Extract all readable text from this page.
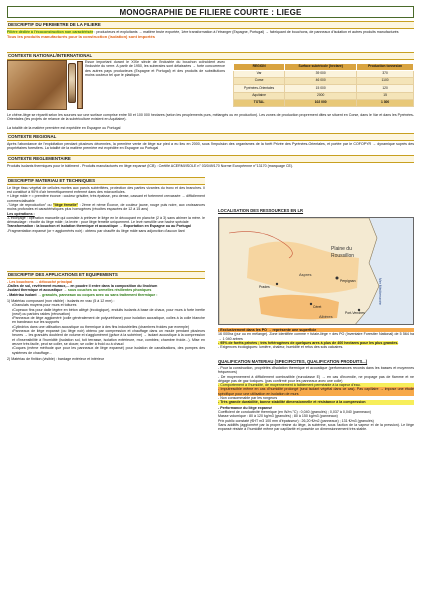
MONOGRAPHIE DE FILIERE COURTE : LIEGE
DESCRIPTIF DU PERIMETRE DE LA FILIERE
Filière dédiée à l'écoconstruction non caractérisée : producteurs et exploitants → matière brute exportée, 1ère transformation à l'étranger (Espagne, Portugal) → fabriquant de bouchons, de panneaux d'isolation et autres produits manufacturés
Tous les produits manufacturés pour la construction (isolation) sont importés
CONTEXTE NATIONAL/INTERNATIONAL
Essor important durant le XIXe siècle de l'industrie du bouchon coïncident avec l'industrie du verre. A partir de 1950, les suberaies sont délaissées → forte concurrence des autres pays producteurs (Espagne et Portugal) et des produits de substitutions moins couteux tel que le plastique.
REGION	Surface subéricole (hectare)	Production tonnes/an
Var	39 000	370
Corse	46 000	1100
Pyrénées-Orientales	15 000	120
Aquitaine	2000	15
TOTAL	102 000	1 300
Le chêne-liège se répartit selon les sources sur une surface comprise entre 50 et 100 000 hectares (selon les peuplements purs, mélangés ou en production). Les zones de production proprement dites se situent en Corse, dans le Var et dans les Pyrénées-Orientales (les projets de relance de la subériculture existent en Aquitaine).
La totalité de la matière première est expédiée en Espagne ou Portugal
CONTEXTE REGIONAL
Après l'abondance de l'exploitation pendant plusieurs décennies, la première vente de liège sur pied a eu lieu en 2000, sous l'impulsion des organismes de la forêt Privée des Pyrénées-Orientales, et portée par le COFOPYR → dynamique suprès des propriétaires forestiers. La totalité de la matière première est expédiée en Espagne ou Portugal
CONTEXTE REGLEMENTAIRE
Produits isolants thermiques pour le bâtiment - Produits manufacturés en liège expansé (ICB) : Certifié ACERMI/ISOLE n° 03/049/170 Norme Européenne n°13170 (marquage CE).
DESCRIPTIF MATERIAU ET TECHNIQUES
Le liège tissu végétal de cellules mortes aux parois subérifiées, protection des parties vivantes du tronc et des branches. Il est constitué à 90% d'air hermétiquement enfermé dans des microcellules.
« Liège mâle » = première écorce : couleur grisâtre, très épaisse, peu dense, cassant et fortement crevassée → difficilement commercialisable
-"Liège de reproduction" ou "liège femelle" : 2ème et nème Écorce, de couleur jaune, rouge puis noire, aux croissances moins profondes et caractéristiques plus homogènes (récoltes espacées de 12 à 15 ans)
Les opérations :
-L'écorçage : opération manuelle qui consiste à prélever le liège en le découpant en planche (2 à 3) sans abimer la mère. le démasclage : récolte du liège mâle ; la levée : pour liège femelle uniquement. Le levé rarrutille une hache spéciale
Transformation : la bouchon et isolation thermique et acoustique → Exportation en Espagne ou au Portugal
-Fragmentation expansé (or « agglomérés noir) : obtenu par chauffe du liège mâle sans adjonction d'aucun liant
DESCRIPTIF DES APPLICATIONS ET EQUIPEMENTS
- Les bouchons → débouché principal
-Dalles de sol, revêtement muraux,... en poudre il entre dans la composition du linoléum
-Isolant thermique et acoustique → sous couches ou semelles résilientes phoniques
- Matériau isolant → granulés, panneaux ou coques avec ou sans traitement thermique :
1) Matériau composant (non visible) : isolants en vrac (5 à 12 mm) :
• Granulats moyens pour murs et toitures
• Copeaux fins pour dalle légère en béton allégé (écologique), enduits isolants à base de chaux, pour murs à forte inertie (neuf) ou parloirs raides (rénovation)
• Panneaux de liège aggloméré (colle généralement de polyuréthane) pour isolation acoustique, colles à la colle blanche en bandeaux sur les supports
• Cylindrics dans une utilisation acoustique ou thermique à des fins industrielles (chambres froides par exemple)
• Panneaux de liège expansé (ou liège noir) obtenu par compression et chauffage dans un moule pendant plusieurs heures → les granulés doublent de volume et s'agglomèrent (grâce à la subérine) → isolant acoustique à la compression et d'insensibilité à l'humidité (isolation sol, toit terrasse, isolation extérieure, mur, combles; chambre froide...). Mise en œuvre très facile, peut se coller, se clouer, se coller à froid ou à chaud
• Coques (même méthode que pour les panneaux de liège expansé) pour isolation de canalisations, des pompes des systèmes de chauffage...
2) Matériau de finition (visible) : bardage extérieur et intérieur
LOCALISATION DES RESSOURCES EN LR
Plaine du
Roussillon
Aspres
Albères
Mer Méditerranée
Perpignan
Céret
Prades
Port-Vendres
- Exclusivement dans les PO → représente une superficie
16 000ha (pur ou en mélange). Zone identifiée comme « futaie-liège » des PO (Inventaire Forestier National) de 5 564 ha → 1 040 arbres
- 95% de forêts privées ; très hétérogènes de quelques ares à plus de 400 hectares pour les plus grandes.
- Exigences écologiques: lumière, chaleur, humidité et refus des sols calcaires.
QUALIFICATION MATERIAU (SPECIFICITES, QUALIFICATION PRODUITS...)
- Pour la construction, propriétés d'isolation thermique et acoustique (performances records dans les basses et moyennes fréquences)
- De moyennement à difficilement combustible (euroclasse E) → en cas d'incendie, ne propage pas de flamme et ne dégage pas de gaz toxiques. (pas confirmé pour les panneaux avec une colle)
- Comportement à l'humidité, de moyennement à faiblement perméable à la vapeur d'eau.
- Imputrescible même en cas d'humidité prolongé (seul isolant végétal dans ce cas). Pas capillaire → impose une étude spécifique pour une utilisation en isolation de murs
- Non consommable par les rongeurs
- Très grande durabilité, bonne stabilité dimensionnelle et résistance à la compression
- Performance du liège expansé
Coefficient de conductivité thermique (en W/m.°C) : 0,040 (granulés) ; 0,037 à 0,040 (panneaux)
Masse volumique : 80 à 120 kg/m3 (granulés) ; 80 à 150 kg/m3 (panneaux)
Prix public constaté (€HT m3 100 mm d'épaisseur) : 26,20 €/m2 (panneaux) ; 131 €/m3 (granulés)
Sans additifs (aggloméré par la propre résine du liège, la subérine, sous l'action de la vapeur et de la pression). Le liège expansé résiste à l'humidité même par capillarité et possède un dimensionnement très stable.
